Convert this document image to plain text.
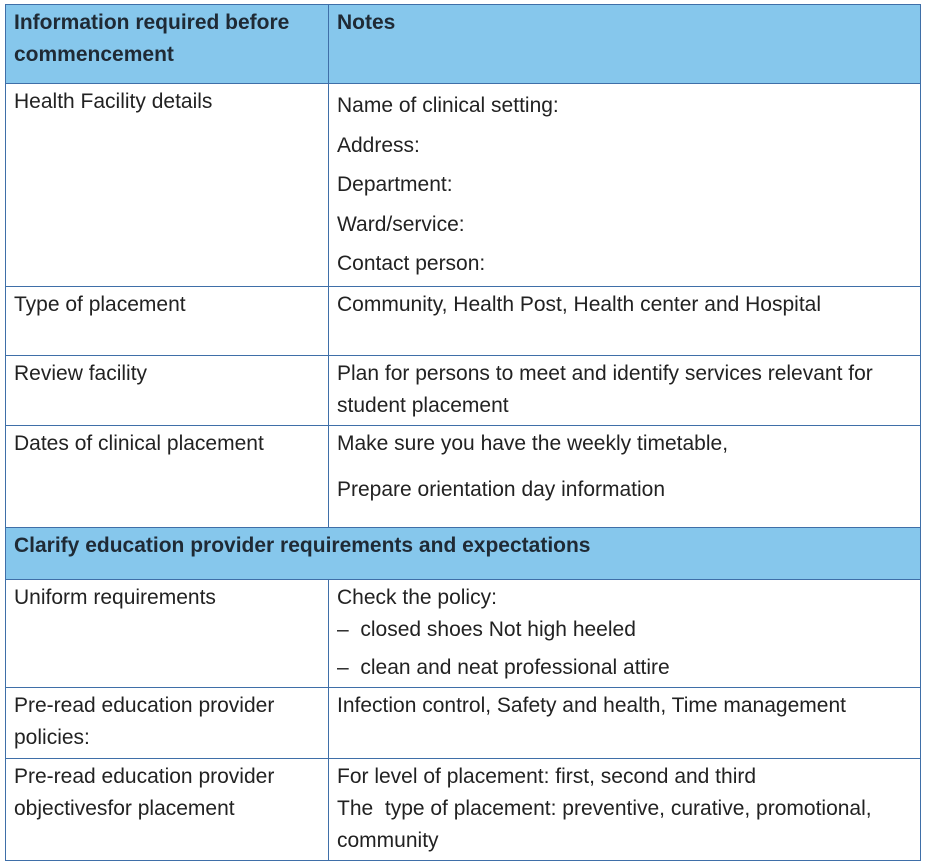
Information required before commencement	Notes
Health Facility details	Name of clinical setting:
Address:
Department:
Ward/service:
Contact person:

Type of placement	Community, Health Post, Health center and Hospital

Review facility	Plan for persons to meet and identify services relevant for student placement

Dates of clinical placement	Make sure you have the weekly timetable,
Prepare orientation day information

Clarify education provider requirements and expectations	
Uniform requirements	Check the policy:
–  closed shoes Not high heeled
–  clean and neat professional attire

Pre-read education provider policies:	Infection control, Safety and health, Time management

Pre-read education provider objectivesfor placement	For level of placement: first, second and third
The  type of placement: preventive, curative, promotional, community
